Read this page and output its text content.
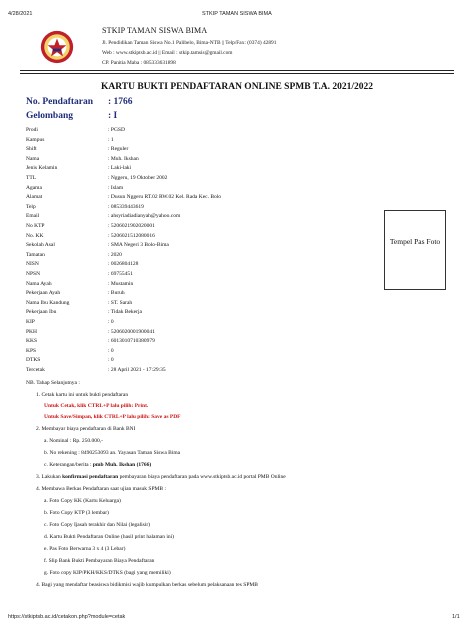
4/28/2021	STKIP TAMAN SISWA BIMA
STKIP TAMAN SISWA BIMA
Jl. Pendidikan Taman Siswa No.1 Palibelo, Bima-NTB || Telp/Fax: (0374) 42891
Web : www.stkiptsb.ac.id || Email : stkip.tamsis@gmail.com
CP. Panitia Maba : 085333631898
KARTU BUKTI PENDAFTARAN ONLINE SPMB T.A. 2021/2022
No. Pendaftaran : 1766
Gelombang	: I
Prodi	: PGSD
Kampus	: 1
Shift	: Reguler
Nama	: Muh. Ikshan
Jenis Kelamin	: Laki-laki
TTL	: Nggeru, 19 Oktober 2002
Agama	: Islam
Alamat	: Dusun Nggeru RT.02 RW.02 Kel. Rada Kec. Bolo
Telp	: 085339443619
Email	: ahsyriadiadianyah@yahoo.com
No KTP	: 5206021902020001
No. KK	: 5206021512080016
Sekolah Asal	: SMA Negeri 3 Bolo-Bima
Tamatan	: 2020
NISN	: 0026804128
NPSN	: 69755451
Nama Ayah	: Mustamin
Pekerjaan Ayah	: Buruh
Nama Ibu Kandung	: ST. Sarah
Pekerjaan Ibu	: Tidak Bekerja
KIP	: 0
PKH	: 5206020001900041
KKS	: 6013010710380979
KPS	: 0
DTKS	: 0
Tercetak	: 28 April 2021 - 17:29:35
Tempel Pas Foto
NB. Tahap Selanjutnya :
1. Cetak kartu ini untuk bukti pendaftaran
Untuk Cetak, klik CTRL+P lalu pilih: Print.
Untuk Save/Simpan, klik CTRL+P lalu pilih: Save as PDF
2. Membayar biaya pendaftaran di Bank BNI
a. Nominal : Rp. 250.000,-
b. No rekening : 8490253093 an. Yayasan Taman Siswa Bima
c. Keterangan/berita : pmb Muh. Ikshan (1766)
3. Lakukan konfirmasi pendaftaran pembayaran biaya pendaftaran pada www.stkiptsb.ac.id portal PMB Online
4. Membawa Berkas Pendaftaran saat ujian masuk SPMB :
a. Foto Copy KK (Kartu Keluarga)
b. Foto Copy KTP (3 lembar)
c. Foto Copy Ijasah terakhir dan Nilai (legalisir)
d. Kartu Bukti Pendaftaran Online (hasil print halaman ini)
e. Pas Foto Berwarna 3 x 4 (3 Lebar)
f. Slip Bank Bukti Pembayaran Biaya Pendaftaran
g. Foto copy KIP/PKH/KKS/DTKS (bagi yang memiliki)
4. Bagi yang mendaftar beasiswa bidikmisi wajib kumpulkan berkas sebelum pelaksanaan tes SPMB
https://stkiptsb.ac.id/cetakon.php?module=cetak	1/1
